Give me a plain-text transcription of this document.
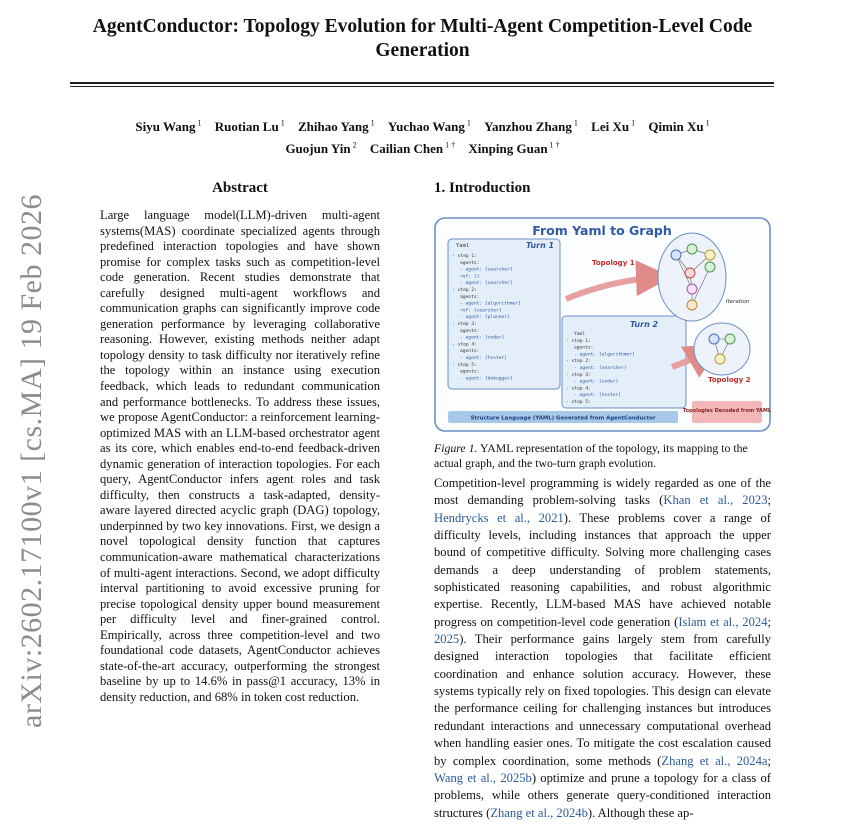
arXiv:2602.17100v1 [cs.MA] 19 Feb 2026
AgentConductor: Topology Evolution for Multi-Agent Competition-Level Code Generation
Siyu Wang $^1$ Ruotian Lu $^1$ Zhihao Yang $^1$ Yuchao Wang $^1$ Yanzhou Zhang $^1$ Lei Xu $^1$ Qimin Xu $^1$ Guojun Yin $^2$ Cailian Chen $^{1 \dagger}$ Xinping Guan $^{1 \dagger}$
Abstract
Large language model(LLM)-driven multi-agent systems(MAS) coordinate specialized agents through predefined interaction topologies and have shown promise for complex tasks such as competition-level code generation. Recent studies demonstrate that carefully designed multi-agent workflows and communication graphs can significantly improve code generation performance by leveraging collaborative reasoning. However, existing methods neither adapt topology density to task difficulty nor iteratively refine the topology within an instance using execution feedback, which leads to redundant communication and performance bottlenecks. To address these issues, we propose AgentConductor: a reinforcement learning-optimized MAS with an LLM-based orchestrator agent as its core, which enables end-to-end feedback-driven dynamic generation of interaction topologies. For each query, AgentConductor infers agent roles and task difficulty, then constructs a task-adapted, density-aware layered directed acyclic graph (DAG) topology, underpinned by two key innovations. First, we design a novel topological density function that captures communication-aware mathematical characterizations of multi-agent interactions. Second, we adopt difficulty interval partitioning to avoid excessive pruning for precise topological density upper bound measurement per difficulty level and finer-grained control. Empirically, across three competition-level and two foundational code datasets, AgentConductor achieves state-of-the-art accuracy, outperforming the strongest baseline by up to 14.6% in pass@1 accuracy, 13% in density reduction, and 68% in token cost reduction.
1. Introduction
From Yaml to Graph
Yaml	Turn 1
- step 1:
agents:
- agent: [searcher]
ref: []
- agent: [searcher]
- step 2:
agents:
- agent: [algorithmer]
ref: [searcher]
- agent: [planner]
- step 3:
agents:
- agent: [coder]
- step 4:
agents:
- agent: [tester]
- step 5:
agents:
- agent: [debugger]
Turn 2
Yaml
- step 1:
agents:
- agent: [algorithmer]
- step 2:
- agent: [searcher]
- step 3:
- agent: [coder]
- step 4:
- agent: [tester]
- step 5:
Topology 1
Topology 2
Iteration
Structure Language (YAML) Generated from AgentConductor
Topologies Decoded from YAML
Figure 1. YAML representation of the topology, its mapping to the actual graph, and the two-turn graph evolution.
Competition-level programming is widely regarded as one of the most demanding problem-solving tasks (Khan et al., 2023; Hendrycks et al., 2021). These problems cover a range of difficulty levels, including instances that approach the upper bound of competitive difficulty. Solving more challenging cases demands a deep understanding of problem statements, sophisticated reasoning capabilities, and robust algorithmic expertise. Recently, LLM-based MAS have achieved notable progress on competition-level code generation (Islam et al., 2024; 2025). Their performance gains largely stem from carefully designed interaction topologies that facilitate efficient coordination and enhance solution accuracy. However, these systems typically rely on fixed topologies. This design can elevate the performance ceiling for challenging instances but introduces redundant interactions and unnecessary computational overhead when handling easier ones. To mitigate the cost escalation caused by complex coordination, some methods (Zhang et al., 2024a; Wang et al., 2025b) optimize and prune a topology for a class of problems, while others generate query-conditioned interaction structures (Zhang et al., 2024b). Although these ap-
